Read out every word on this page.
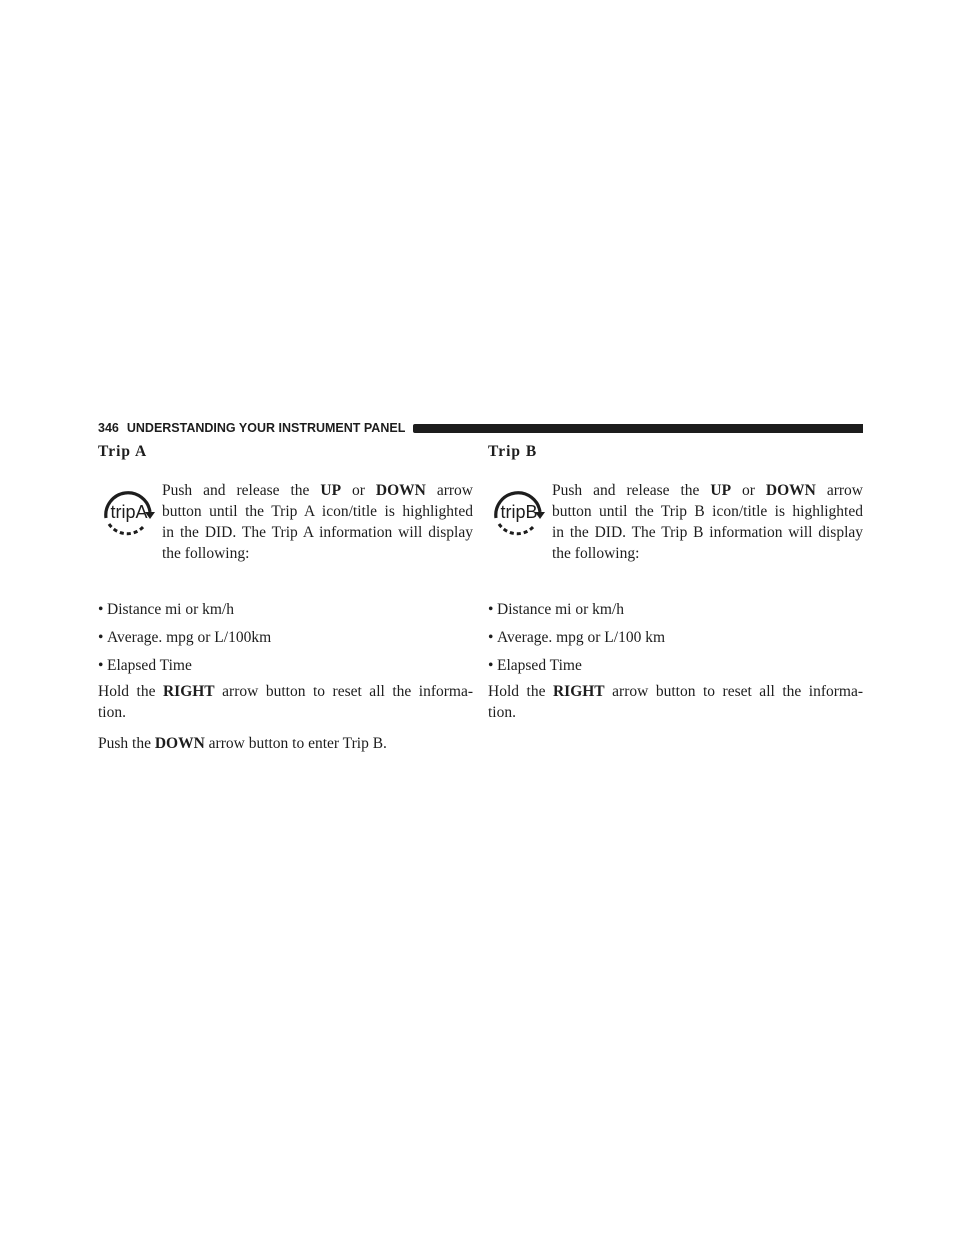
346 UNDERSTANDING YOUR INSTRUMENT PANEL
Trip A
tripA

Push and release the UP or DOWN arrow
button until the Trip A icon/title is highlighted
in the DID. The Trip A information will display
the following:

• Distance mi or km/h
• Average. mpg or L/100km
• Elapsed Time

Hold the RIGHT arrow button to reset all the informa-
tion.

Push the DOWN arrow button to enter Trip B.

Trip B
tripB

Push and release the UP or DOWN arrow
button until the Trip B icon/title is highlighted
in the DID. The Trip B information will display
the following:

• Distance mi or km/h
• Average. mpg or L/100 km
• Elapsed Time

Hold the RIGHT arrow button to reset all the informa-
tion.
